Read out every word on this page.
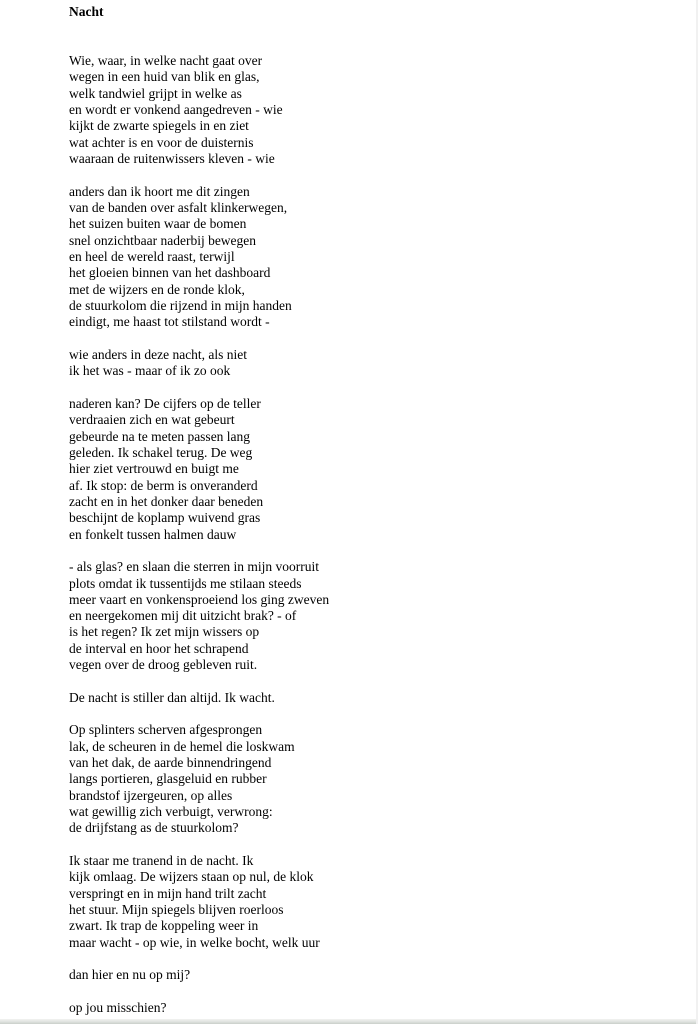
Nacht

Wie, waar, in welke nacht gaat over
wegen in een huid van blik en glas,
welk tandwiel grijpt in welke as
en wordt er vonkend aangedreven - wie
kijkt de zwarte spiegels in en ziet
wat achter is en voor de duisternis
waaraan de ruitenwissers kleven - wie

anders dan ik hoort me dit zingen
van de banden over asfalt klinkerwegen,
het suizen buiten waar de bomen
snel onzichtbaar naderbij bewegen
en heel de wereld raast, terwijl
het gloeien binnen van het dashboard
met de wijzers en de ronde klok,
de stuurkolom die rijzend in mijn handen
eindigt, me haast tot stilstand wordt -

wie anders in deze nacht, als niet
ik het was - maar of ik zo ook

naderen kan? De cijfers op de teller
verdraaien zich en wat gebeurt
gebeurde na te meten passen lang
geleden. Ik schakel terug. De weg
hier ziet vertrouwd en buigt me
af. Ik stop: de berm is onveranderd
zacht en in het donker daar beneden
beschijnt de koplamp wuivend gras
en fonkelt tussen halmen dauw

- als glas? en slaan die sterren in mijn voorruit
plots omdat ik tussentijds me stilaan steeds
meer vaart en vonkensproeiend los ging zweven
en neergekomen mij dit uitzicht brak? - of
is het regen? Ik zet mijn wissers op
de interval en hoor het schrapend
vegen over de droog gebleven ruit.

De nacht is stiller dan altijd. Ik wacht.

Op splinters scherven afgesprongen
lak, de scheuren in de hemel die loskwam
van het dak, de aarde binnendringend
langs portieren, glasgeluid en rubber
brandstof ijzergeuren, op alles
wat gewillig zich verbuigt, verwrong:
de drijfstang as de stuurkolom?

Ik staar me tranend in de nacht. Ik
kijk omlaag. De wijzers staan op nul, de klok
verspringt en in mijn hand trilt zacht
het stuur. Mijn spiegels blijven roerloos
zwart. Ik trap de koppeling weer in
maar wacht - op wie, in welke bocht, welk uur

dan hier en nu op mij?

op jou misschien?
